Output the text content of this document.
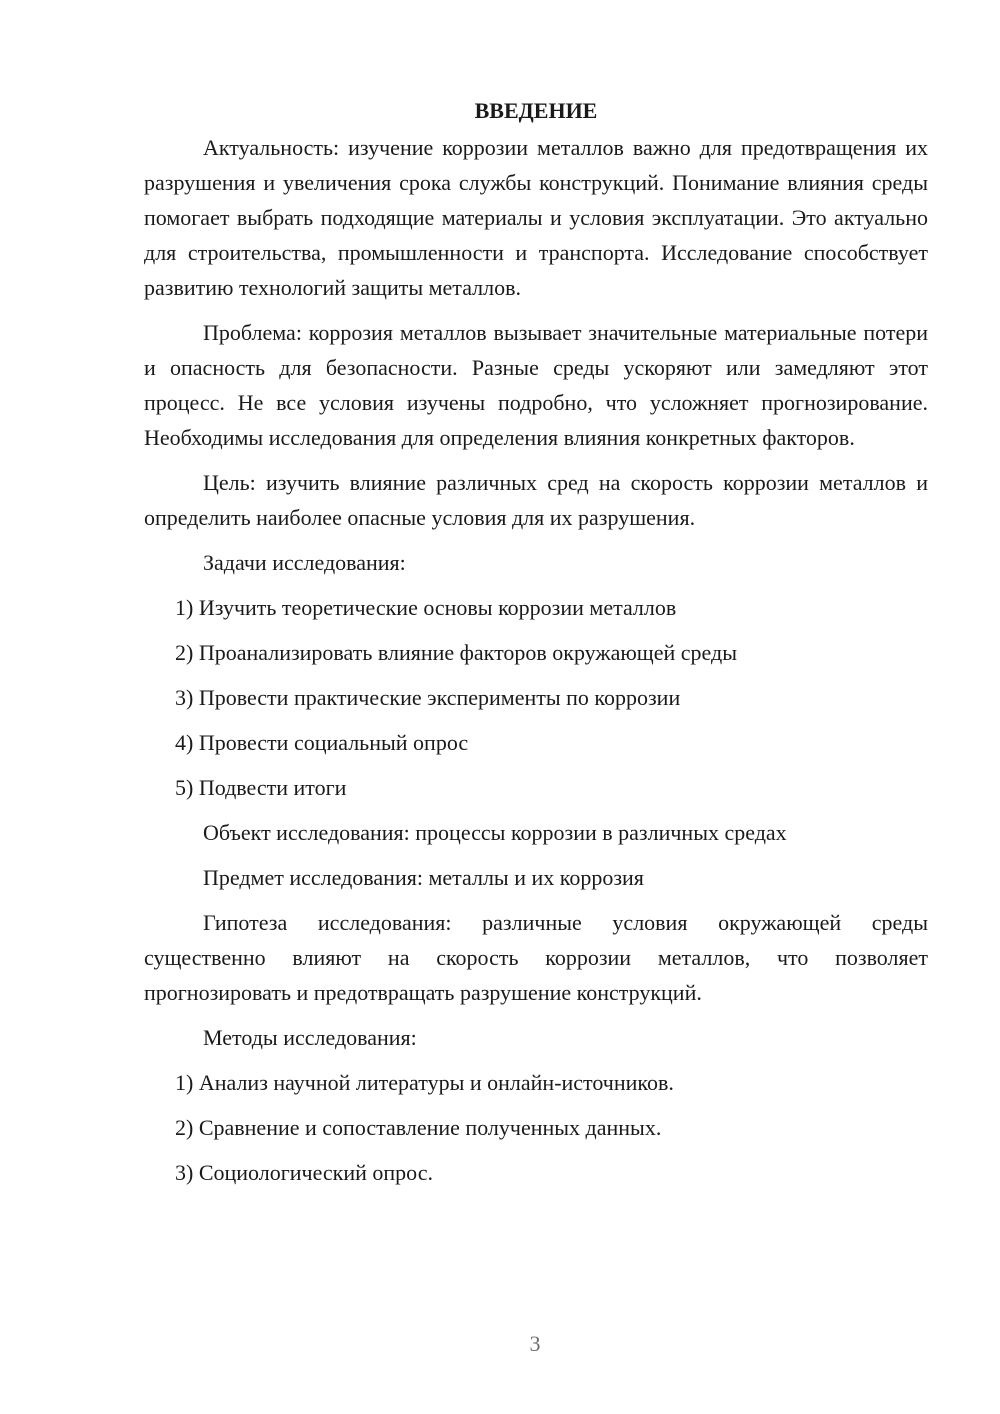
ВВЕДЕНИЕ

Актуальность: изучение коррозии металлов важно для предотвращения их разрушения и увеличения срока службы конструкций. Понимание влияния среды помогает выбрать подходящие материалы и условия эксплуатации. Это актуально для строительства, промышленности и транспорта. Исследование способствует развитию технологий защиты металлов.

Проблема: коррозия металлов вызывает значительные материальные потери и опасность для безопасности. Разные среды ускоряют или замедляют этот процесс. Не все условия изучены подробно, что усложняет прогнозирование. Необходимы исследования для определения влияния конкретных факторов.

Цель: изучить влияние различных сред на скорость коррозии металлов и определить наиболее опасные условия для их разрушения.

Задачи исследования:
1) Изучить теоретические основы коррозии металлов
2) Проанализировать влияние факторов окружающей среды
3) Провести практические эксперименты по коррозии
4) Провести социальный опрос
5) Подвести итоги
Объект исследования: процессы коррозии в различных средах
Предмет исследования: металлы и их коррозия

Гипотеза исследования: различные условия окружающей среды существенно влияют на скорость коррозии металлов, что позволяет прогнозировать и предотвращать разрушение конструкций.

Методы исследования:
1) Анализ научной литературы и онлайн-источников.
2) Сравнение и сопоставление полученных данных.
3) Социологический опрос.
3
